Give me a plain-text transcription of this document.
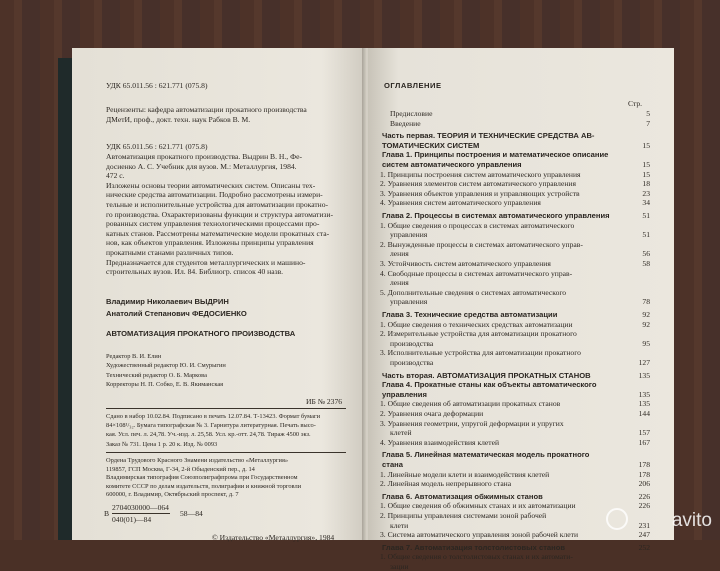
УДК 65.011.56 : 621.771 (075.8)
Рецензенты: кафедра автоматизации прокатного производства
ДМетИ, проф., докт. техн. наук Рабков В. М.
УДК 65.011.56 : 621.771 (075.8)
Автоматизация прокатного производства. Выдрин В. Н., Фе-
досиенко А. С. Учебник для вузов. М.: Металлургия, 1984.
472 с.
Изложены основы теории автоматических систем. Описаны тех-
нические средства автоматизации. Подробно рассмотрены измери-
тельные и исполнительные устройства для автоматизации прокатно-
го производства. Охарактеризованы функции и структура автоматизи-
рованных систем управления технологическими процессами про-
катных станов. Рассмотрены математические модели прокатных ста-
нов, как объектов управления. Изложены принципы управления
прокатными станами различных типов.
Предназначается для студентов металлургических и машино-
строительных вузов. Ил. 84. Библиогр. список 40 назв.
Владимир Николаевич ВЫДРИН
Анатолий Степанович ФЕДОСИЕНКО
АВТОМАТИЗАЦИЯ ПРОКАТНОГО ПРОИЗВОДСТВА
Редактор В. И. Елин
Художественный редактор Ю. И. Смурыгин
Технический редактор О. Б. Маркова
Корректоры Н. П. Собко, Е. В. Якиманская
ИБ № 2376
Сдано в набор 10.02.84. Подписано в печать 12.07.84. Т-13423. Формат бумаги
84×108¹/₃₂. Бумага типографская № 3. Гарнитура литературная. Печать высо-
кая. Усл. печ. л. 24,78. Уч.-изд. л. 25,58. Усл. кр.-отт. 24,78. Тираж 4500 экз.
Заказ № 731. Цена 1 р. 20 к. Изд. № 0093
Ордена Трудового Красного Знамени издательство «Металлургия»
119857, ГСП Москва, Г-34, 2-й Обыденский пер., д. 14
Владимирская типография Союзполиграфпрома при Государственном
комитете СССР по делам издательств, полиграфии и книжной торговли
600000, г. Владимир, Октябрьский проспект, д. 7
В
2704030000—064
040(01)—84
58—84
© Издательство «Металлургия», 1984
ОГЛАВЛЕНИЕ
Стр.
Предисловие	5
Введение	7
Часть первая. ТЕОРИЯ И ТЕХНИЧЕСКИЕ СРЕДСТВА АВ-
ТОМАТИЧЕСКИХ СИСТЕМ	15
Глава 1. Принципы построения и математическое описание
систем автоматического управления	15
1. Принципы построения систем автоматического управления	15
2. Уравнения элементов систем автоматического управления	18
3. Уравнения объектов управления и управляющих устройств	23
4. Уравнения систем автоматического управления	34
Глава 2. Процессы в системах автоматического управления	51
1. Общие сведения о процессах в системах автоматического
управления	51
2. Вынужденные процессы в системах автоматического управ-
ления	56
3. Устойчивость систем автоматического управления	58
4. Свободные процессы в системах автоматического управ-
ления
5. Дополнительные сведения о системах автоматического
управления	78
Глава 3. Технические средства автоматизации	92
1. Общие сведения о технических средствах автоматизации	92
2. Измерительные устройства для автоматизации прокатного
производства	95
3. Исполнительные устройства для автоматизации прокатного
производства	127
Часть вторая. АВТОМАТИЗАЦИЯ ПРОКАТНЫХ СТАНОВ	135
Глава 4. Прокатные станы как объекты автоматического
управления	135
1. Общие сведения об автоматизации прокатных станов	135
2. Уравнения очага деформации	144
3. Уравнения геометрии, упругой деформации и упругих
клетей	157
4. Уравнения взаимодействия клетей	167
Глава 5. Линейная математическая модель прокатного
стана	178
1. Линейные модели клети и взаимодействия клетей	178
2. Линейная модель непрерывного стана	206
Глава 6. Автоматизация обжимных станов	226
1. Общие сведения об обжимных станах и их автоматизации	226
2. Принципы управления системами зоной рабочей
клети	231
3. Система автоматического управления зоной рабочей клети	247
Глава 7. Автоматизация толстолистовых станов	252
1. Общие сведения о толстолистовых станах и их автомати-
зации
avito
